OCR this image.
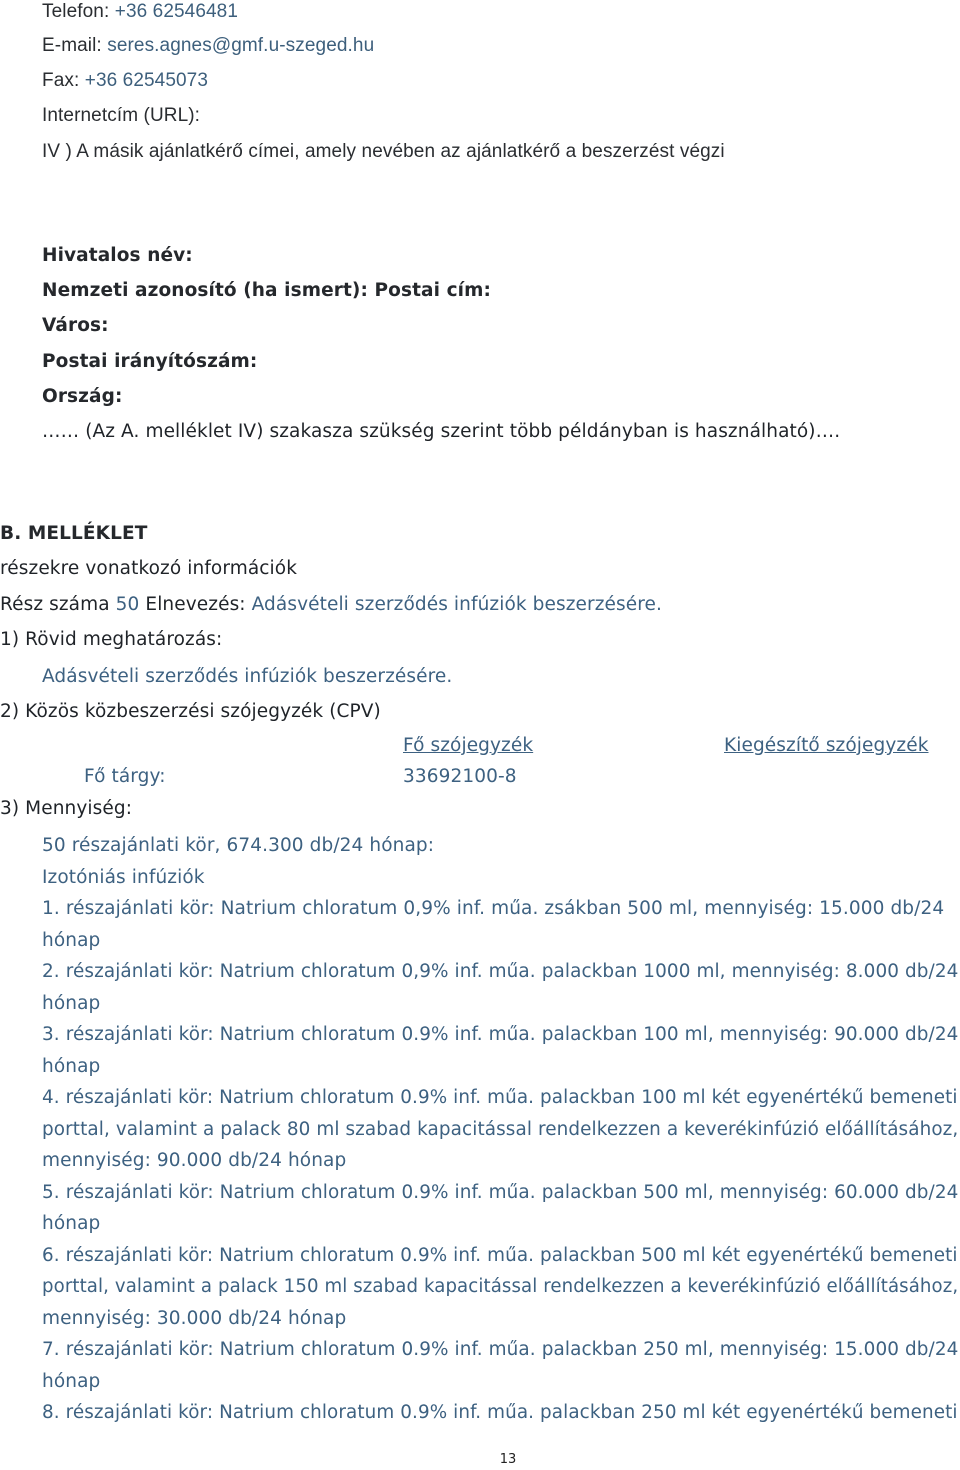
Telefon: +36 62546481
E-mail: seres.agnes@gmf.u-szeged.hu
Fax: +36 62545073
Internetcím (URL):
IV ) A másik ajánlatkérő címei, amely nevében az ajánlatkérő a beszerzést végzi
Hivatalos név:
Nemzeti azonosító (ha ismert): Postai cím:
Város:
Postai irányítószám:
Ország:
…… (Az A. melléklet IV) szakasza szükség szerint több példányban is használható)….
B. MELLÉKLET
részekre vonatkozó információk
Rész száma 50 Elnevezés: Adásvételi szerződés infúziók beszerzésére.
1) Rövid meghatározás:
Adásvételi szerződés infúziók beszerzésére.
2) Közös közbeszerzési szójegyzék (CPV)
Fő szójegyzék	Kiegészítő szójegyzék
Fő tárgy:	33692100-8
3) Mennyiség:
50 részajánlati kör, 674.300 db/24 hónap:
Izotóniás infúziók
1. részajánlati kör: Natrium chloratum 0,9% inf. műa. zsákban 500 ml, mennyiség: 15.000 db/24
hónap
2. részajánlati kör: Natrium chloratum 0,9% inf. műa. palackban 1000 ml, mennyiség: 8.000 db/24
hónap
3. részajánlati kör: Natrium chloratum 0.9% inf. műa. palackban 100 ml, mennyiség: 90.000 db/24
hónap
4. részajánlati kör: Natrium chloratum 0.9% inf. műa. palackban 100 ml két egyenértékű bemeneti
porttal, valamint a palack 80 ml szabad kapacitással rendelkezzen a keverékinfúzió előállításához,
mennyiség: 90.000 db/24 hónap
5. részajánlati kör: Natrium chloratum 0.9% inf. műa. palackban 500 ml, mennyiség: 60.000 db/24
hónap
6. részajánlati kör: Natrium chloratum 0.9% inf. műa. palackban 500 ml két egyenértékű bemeneti
porttal, valamint a palack 150 ml szabad kapacitással rendelkezzen a keverékinfúzió előállításához,
mennyiség: 30.000 db/24 hónap
7. részajánlati kör: Natrium chloratum 0.9% inf. műa. palackban 250 ml, mennyiség: 15.000 db/24
hónap
8. részajánlati kör: Natrium chloratum 0.9% inf. műa. palackban 250 ml két egyenértékű bemeneti
13
